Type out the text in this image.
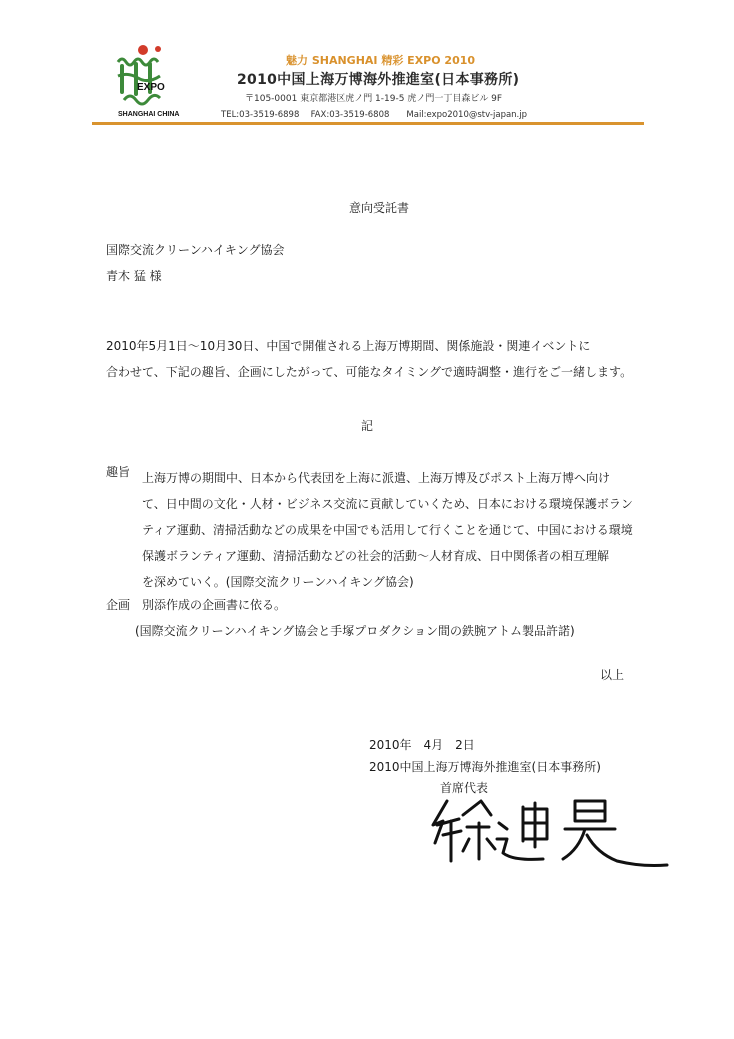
EXPO
SHANGHAI CHINA
魅力 SHANGHAI 精彩 EXPO 2010
2010中国上海万博海外推進室(日本事務所)
〒105-0001 東京都港区虎ノ門 1-19-5 虎ノ門一丁目森ビル 9F
TEL:03-3519-6898　 FAX:03-3519-6808　　Mail:expo2010@stv-japan.jp
意向受託書
国際交流クリーンハイキング協会
青木 猛 様
2010年5月1日～10月30日、中国で開催される上海万博期間、関係施設・関連イベントに
合わせて、下記の趣旨、企画にしたがって、可能なタイミングで適時調整・進行をご一緒します。
記
趣旨 上海万博の期間中、日本から代表団を上海に派遣、上海万博及びポスト上海万博へ向け
て、日中間の文化・人材・ビジネス交流に貢献していくため、日本における環境保護ボラン
ティア運動、清掃活動などの成果を中国でも活用して行くことを通じて、中国における環境
保護ボランティア運動、清掃活動などの社会的活動～人材育成、日中関係者の相互理解
を深めていく。(国際交流クリーンハイキング協会)
企画 別添作成の企画書に依る。
(国際交流クリーンハイキング協会と手塚プロダクション間の鉄腕アトム製品許諾)
以上
2010年　4月　2日
2010中国上海万博海外推進室(日本事務所)
首席代表
